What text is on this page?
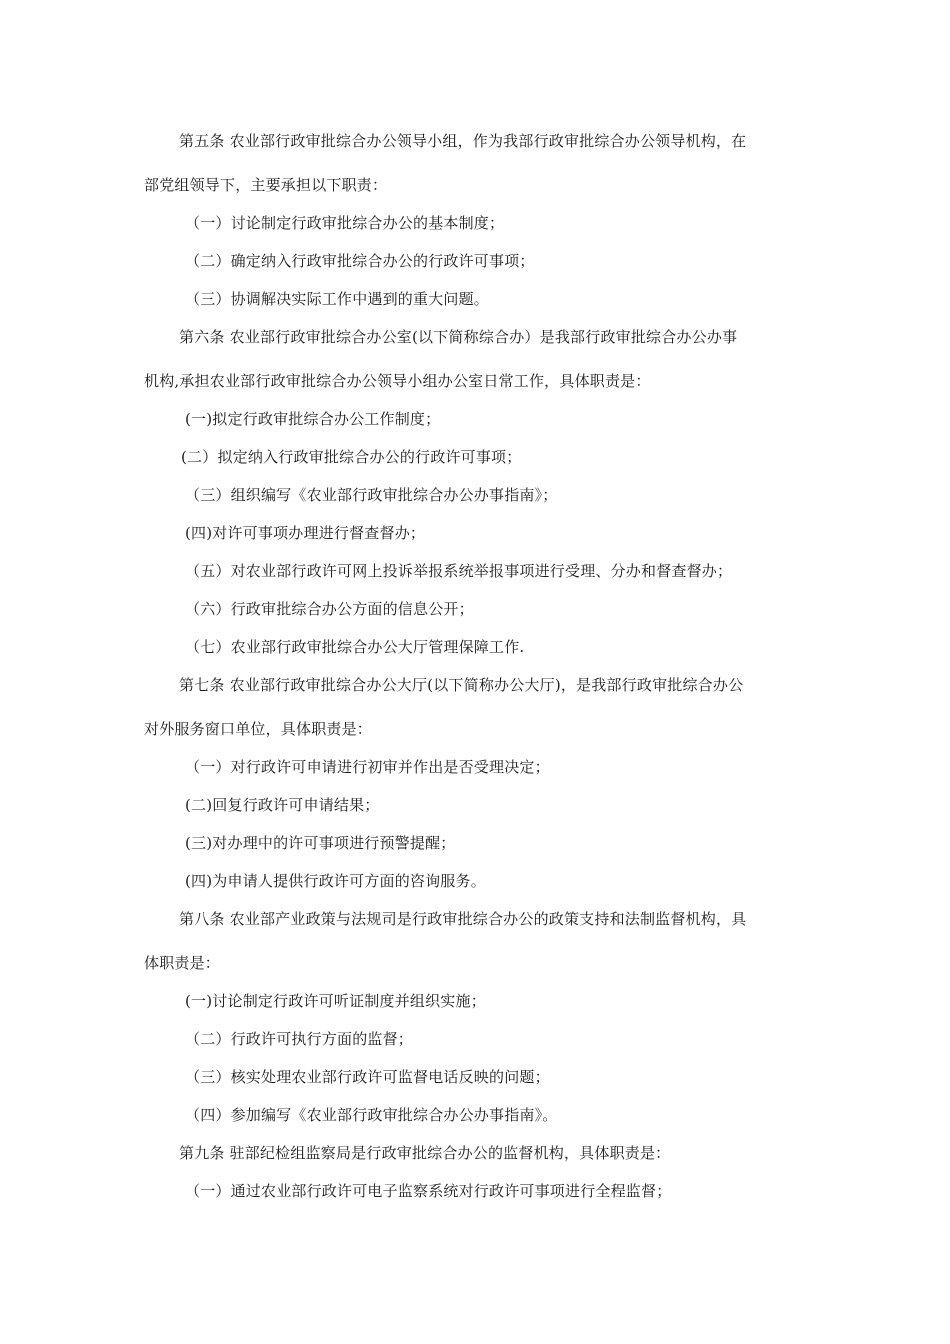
第五条 农业部行政审批综合办公领导小组，作为我部行政审批综合办公领导机构，在
部党组领导下，主要承担以下职责：
（一）讨论制定行政审批综合办公的基本制度；
（二）确定纳入行政审批综合办公的行政许可事项；
（三）协调解决实际工作中遇到的重大问题。
第六条 农业部行政审批综合办公室(以下简称综合办）是我部行政审批综合办公办事
机构,承担农业部行政审批综合办公领导小组办公室日常工作，具体职责是：
(一)拟定行政审批综合办公工作制度；
(二）拟定纳入行政审批综合办公的行政许可事项；
（三）组织编写《农业部行政审批综合办公办事指南》；
(四)对许可事项办理进行督查督办；
（五）对农业部行政许可网上投诉举报系统举报事项进行受理、分办和督查督办；
（六）行政审批综合办公方面的信息公开；
（七）农业部行政审批综合办公大厅管理保障工作.
第七条 农业部行政审批综合办公大厅(以下简称办公大厅)，是我部行政审批综合办公
对外服务窗口单位，具体职责是：
（一）对行政许可申请进行初审并作出是否受理决定；
(二)回复行政许可申请结果；
(三)对办理中的许可事项进行预警提醒；
(四)为申请人提供行政许可方面的咨询服务。
第八条 农业部产业政策与法规司是行政审批综合办公的政策支持和法制监督机构，具
体职责是：
(一)讨论制定行政许可听证制度并组织实施；
（二）行政许可执行方面的监督；
（三）核实处理农业部行政许可监督电话反映的问题；
（四）参加编写《农业部行政审批综合办公办事指南》。
第九条 驻部纪检组监察局是行政审批综合办公的监督机构，具体职责是：
（一）通过农业部行政许可电子监察系统对行政许可事项进行全程监督；
